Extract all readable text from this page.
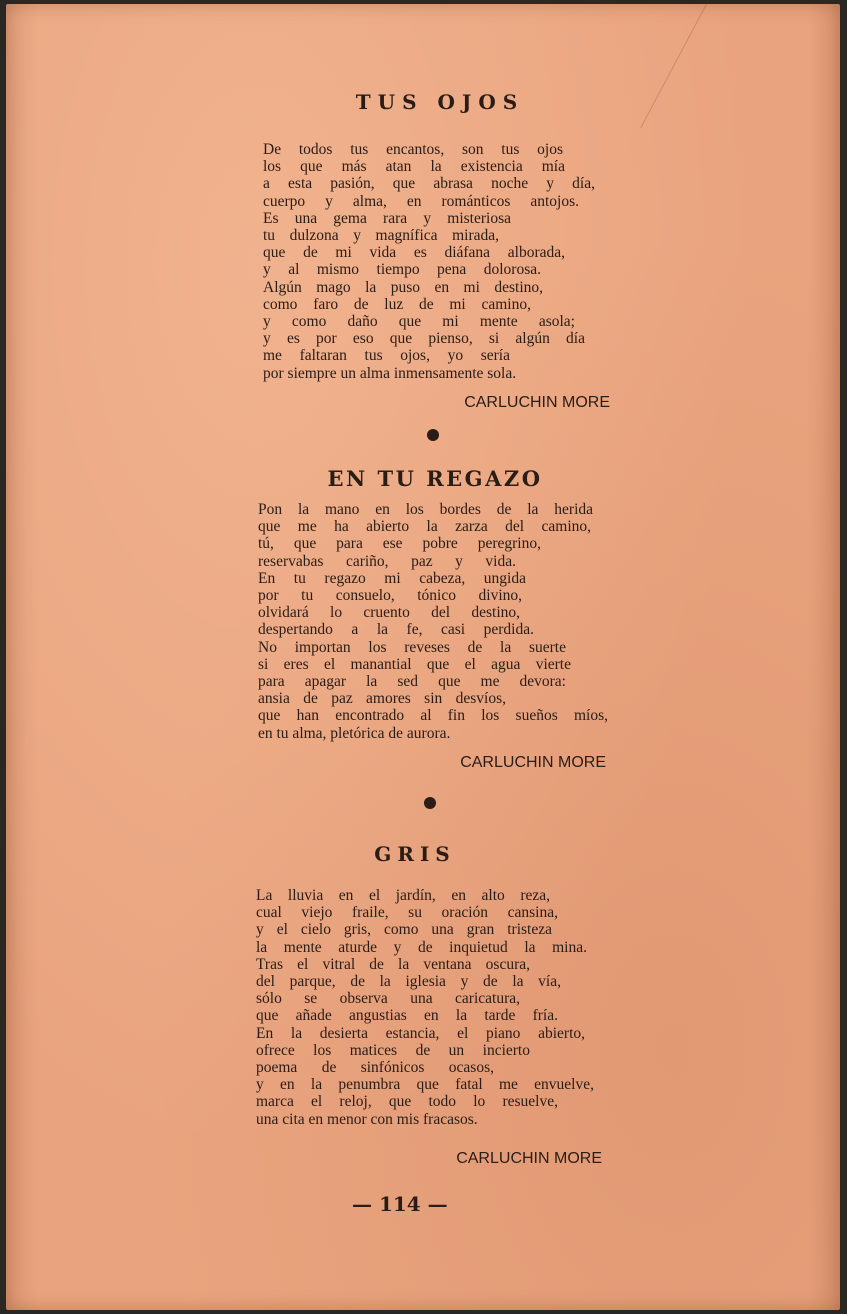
TUS OJOS
De todos tus encantos, son tus ojos
los que más atan la existencia mía
a esta pasión, que abrasa noche y día,
cuerpo y alma, en románticos antojos.
Es una gema rara y misteriosa
tu dulzona y magnífica mirada,
que de mi vida es diáfana alborada,
y al mismo tiempo pena dolorosa.
Algún mago la puso en mi destino,
como faro de luz de mi camino,
y como daño que mi mente asola;
y es por eso que pienso, si algún día
me faltaran tus ojos, yo sería
por siempre un alma inmensamente sola.
CARLUCHIN MORE
EN TU REGAZO
Pon la mano en los bordes de la herida
que me ha abierto la zarza del camino,
tú, que para ese pobre peregrino,
reservabas cariño, paz y vida.
En tu regazo mi cabeza, ungida
por tu consuelo, tónico divino,
olvidará lo cruento del destino,
despertando a la fe, casi perdida.
No importan los reveses de la suerte
si eres el manantial que el agua vierte
para apagar la sed que me devora:
ansia de paz amores sin desvíos,
que han encontrado al fin los sueños míos,
en tu alma, pletórica de aurora.
CARLUCHIN MORE
GRIS
La lluvia en el jardín, en alto reza,
cual viejo fraile, su oración cansina,
y el cielo gris, como una gran tristeza
la mente aturde y de inquietud la mina.
Tras el vitral de la ventana oscura,
del parque, de la iglesia y de la vía,
sólo se observa una caricatura,
que añade angustias en la tarde fría.
En la desierta estancia, el piano abierto,
ofrece los matices de un incierto
poema de sinfónicos ocasos,
y en la penumbra que fatal me envuelve,
marca el reloj, que todo lo resuelve,
una cita en menor con mis fracasos.
CARLUCHIN MORE
— 114 —
